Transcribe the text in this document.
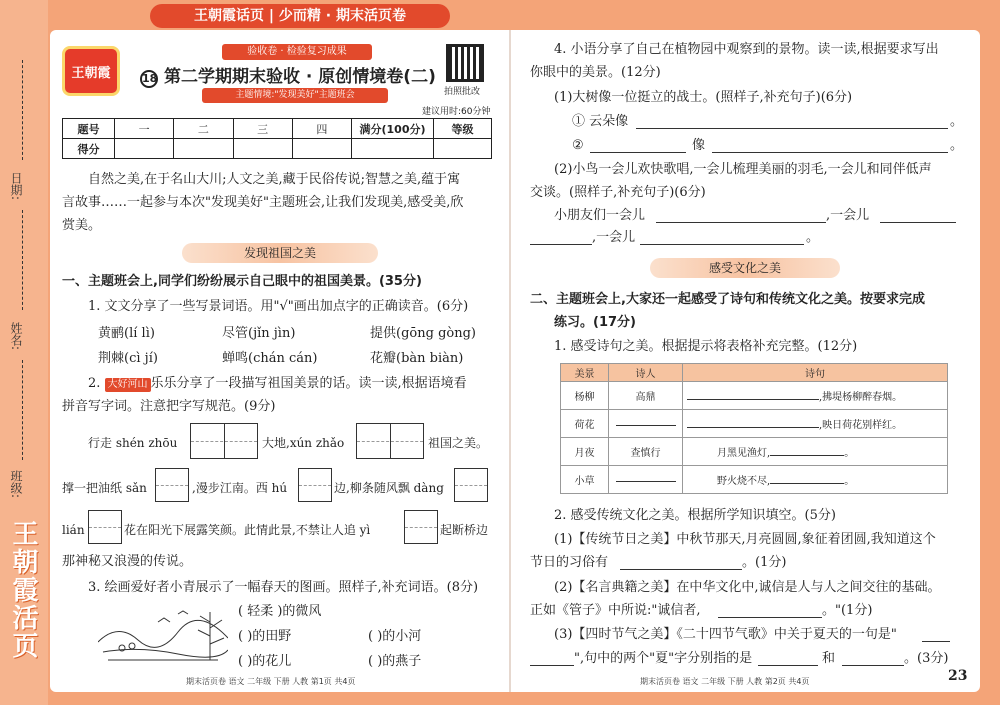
日期:
姓名:
班级:
王朝霞活页
王朝霞话页 | 少而精 · 期末活页卷
王朝霞
验收卷 · 检验复习成果
18 第二学期期末验收 · 原创情境卷(二)
主题情境:"发现美好"主题班会	拍照批改
建议用时:60分钟
题号	一	二	三	四	满分(100分)	等级
得分						
自然之美,在于名山大川;人文之美,藏于民俗传说;智慧之美,蕴于寓
言故事……一起参与本次"发现美好"主题班会,让我们发现美,感受美,欣
赏美。
发现祖国之美
一、主题班会上,同学们纷纷展示自己眼中的祖国美景。(35分)
1. 文文分享了一些写景词语。用"√"画出加点字的正确读音。(6分)
黄鹂(lí lì)	尽管(jǐn jìn)	提供(gōng gòng)
荆棘(cì jí)	蝉鸣(chán cán)	花瓣(bàn biàn)
2. 大好河山 乐乐分享了一段描写祖国美景的话。读一读,根据语境看
拼音写字词。注意把字写规范。(9分)
行走 shén zhōu	大地,xún zhǎo	祖国之美。
撑一把油纸 sǎn	,漫步江南。西 hú	边,柳条随风飘 dàng
lián	花在阳光下展露笑颜。此情此景,不禁让人追 yì	起断桥边
那神秘又浪漫的传说。
3. 绘画爱好者小青展示了一幅春天的图画。照样子,补充词语。(8分)
( 轻柔 )的微风
( )的田野	( )的小河
( )的花儿	( )的燕子
期末活页卷 语文 二年级 下册 人教 第1页 共4页
4. 小语分享了自己在植物园中观察到的景物。读一读,根据要求写出
你眼中的美景。(12分)
(1)大树像一位挺立的战士。(照样子,补充句子)(6分)
① 云朵像	。
②	像	。
(2)小鸟一会儿欢快歌唱,一会儿梳理美丽的羽毛,一会儿和同伴低声
交谈。(照样子,补充句子)(6分)
小朋友们一会儿	,一会儿
,一会儿	。
感受文化之美
二、主题班会上,大家还一起感受了诗句和传统文化之美。按要求完成
练习。(17分)
1. 感受诗句之美。根据提示将表格补充完整。(12分)
美景	诗人	诗句
杨柳	高鼎	,拂堤杨柳醉春烟。
荷花		,映日荷花别样红。
月夜	查慎行	月黑见渔灯, 。
小草		野火烧不尽, 。
2. 感受传统文化之美。根据所学知识填空。(5分)
(1)【传统节日之美】中秋节那天,月亮圆圆,象征着团圆,我知道这个
节日的习俗有	。(1分)
(2)【名言典籍之美】在中华文化中,诚信是人与人之间交往的基础。
正如《管子》中所说:"诚信者,	。"(1分)
(3)【四时节气之美】《二十四节气歌》中关于夏天的一句是"
",句中的两个"夏"字分别指的是	和	。(3分)
期末活页卷 语文 二年级 下册 人教 第2页 共4页	23
